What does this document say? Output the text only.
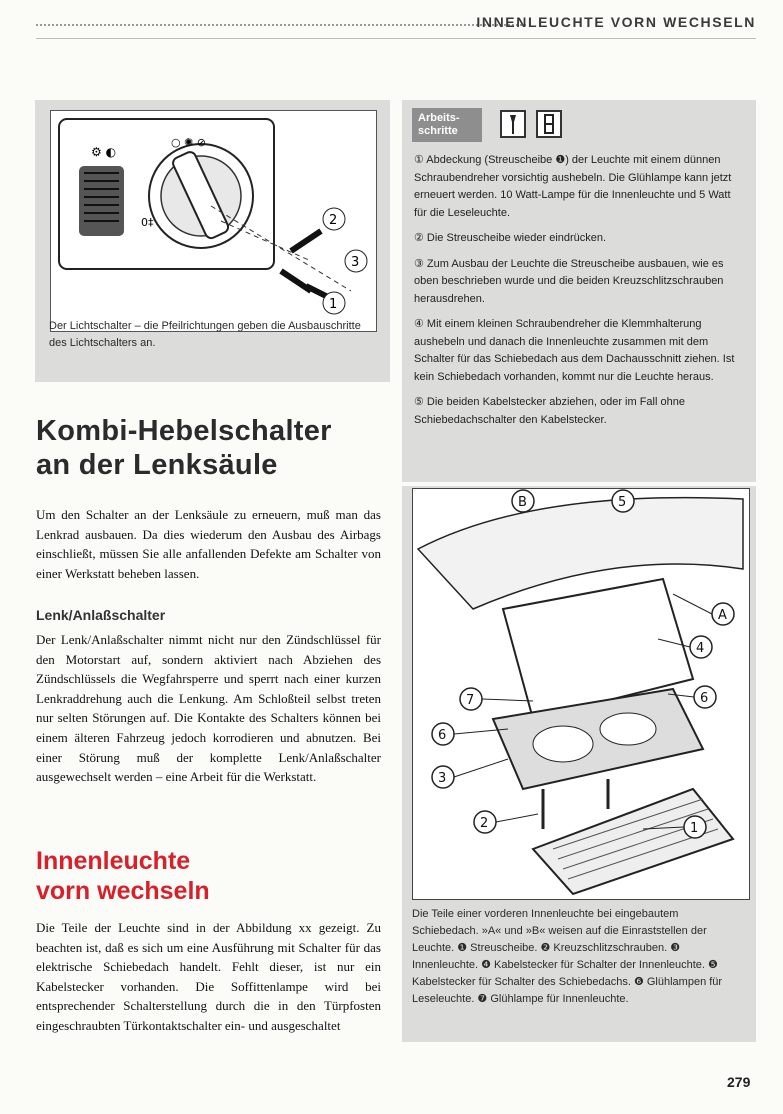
INNENLEUCHTE VORN WECHSELN
○ ✺ ⊘
⚙ ◐
0‡	2
3
1
Der Lichtschalter – die Pfeilrichtungen geben die Ausbauschritte des Lichtschalters an.
Arbeits-schritte
① Abdeckung (Streuscheibe ❶) der Leuchte mit einem dünnen Schraubendreher vorsichtig aushebeln. Die Glühlampe kann jetzt erneuert werden. 10 Watt-Lampe für die Innenleuchte und 5 Watt für die Leseleuchte.
② Die Streuscheibe wieder eindrücken.
③ Zum Ausbau der Leuchte die Streuscheibe ausbauen, wie es oben beschrieben wurde und die beiden Kreuzschlitzschrauben herausdrehen.
④ Mit einem kleinen Schraubendreher die Klemmhalterung aushebeln und danach die Innenleuchte zusammen mit dem Schalter für das Schiebedach aus dem Dachausschnitt ziehen. Ist kein Schiebedach vorhanden, kommt nur die Leuchte heraus.
⑤ Die beiden Kabelstecker abziehen, oder im Fall ohne Schiebedachschalter den Kabelstecker.
B	5
A
4
6
7
6
3
2	1
Die Teile einer vorderen Innenleuchte bei eingebautem Schiebedach. »A« und »B« weisen auf die Einraststellen der Leuchte. ❶ Streuscheibe. ❷ Kreuzschlitzschrauben. ❸ Innenleuchte. ❹ Kabelstecker für Schalter der Innenleuchte. ❺ Kabelstecker für Schalter des Schiebedachs. ❻ Glühlampen für Leseleuchte. ❼ Glühlampe für Innenleuchte.
Kombi-Hebelschalter
an der Lenksäule
Um den Schalter an der Lenksäule zu erneuern, muß man das Lenkrad ausbauen. Da dies wiederum den Ausbau des Airbags einschließt, müssen Sie alle anfallenden Defekte am Schalter von einer Werkstatt beheben lassen.
Lenk/Anlaßschalter
Der Lenk/Anlaßschalter nimmt nicht nur den Zündschlüssel für den Motorstart auf, sondern aktiviert nach Abziehen des Zündschlüssels die Wegfahrsperre und sperrt nach einer kurzen Lenkraddrehung auch die Lenkung. Am Schloßteil selbst treten nur selten Störungen auf. Die Kontakte des Schalters können bei einem älteren Fahrzeug jedoch korrodieren und abnutzen. Bei einer Störung muß der komplette Lenk/Anlaßschalter ausgewechselt werden – eine Arbeit für die Werkstatt.
Innenleuchte
vorn wechseln
Die Teile der Leuchte sind in der Abbildung xx gezeigt. Zu beachten ist, daß es sich um eine Ausführung mit Schalter für das elektrische Schiebedach handelt. Fehlt dieser, ist nur ein Kabelstecker vorhanden. Die Soffittenlampe wird bei entsprechender Schalterstellung durch die in den Türpfosten eingeschraubten Türkontaktschalter ein- und ausgeschaltet
279
